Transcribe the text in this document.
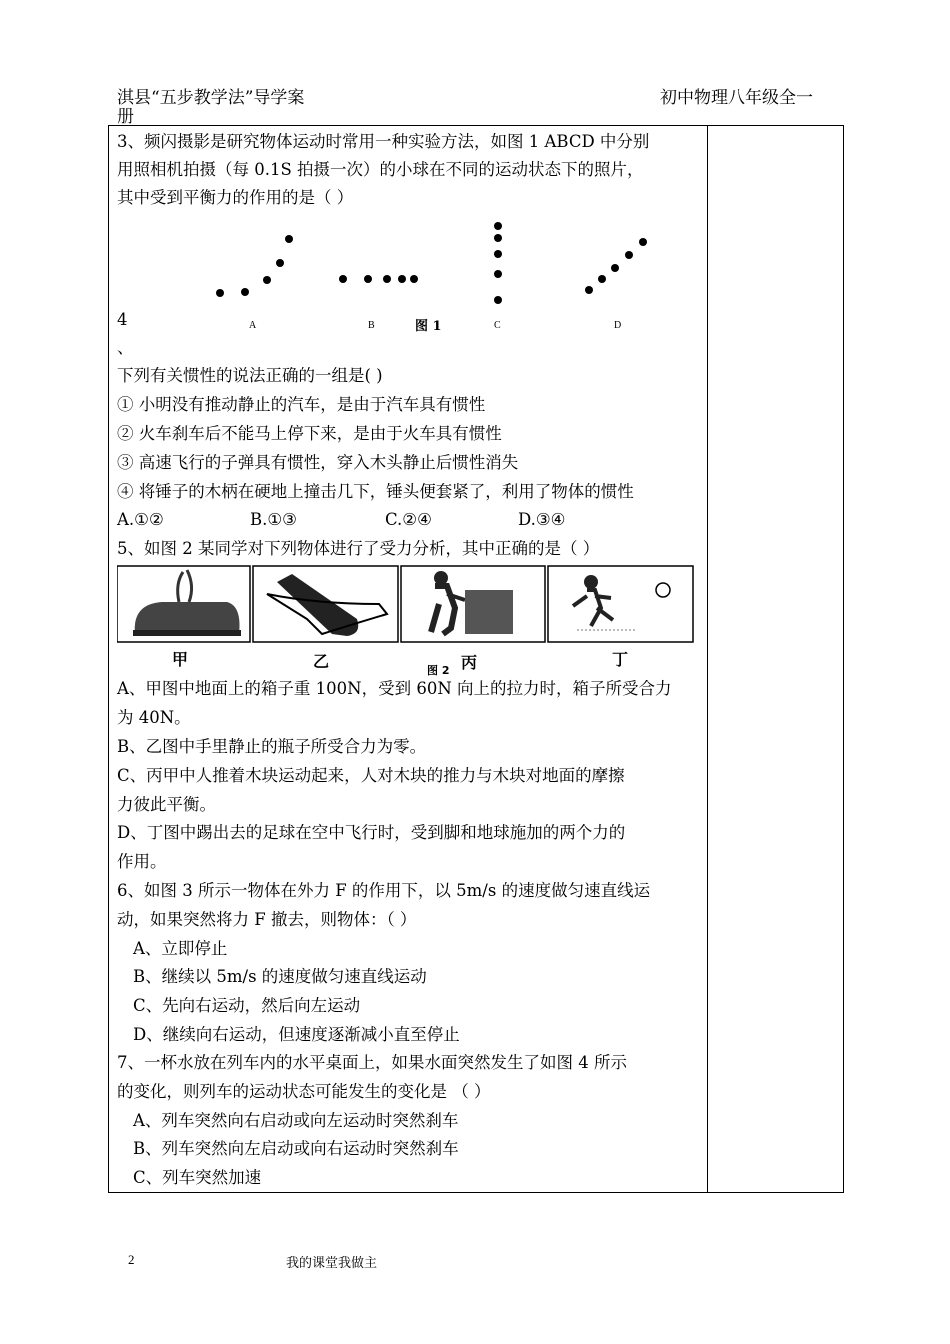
淇县“五步教学法”导学案
册
初中物理八年级全一
3、频闪摄影是研究物体运动时常用一种实验方法，如图 1 ABCD 中分别
用照相机拍摄（每 0.1S 拍摄一次）的小球在不同的运动状态下的照片，
其中受到平衡力的作用的是（ ）
A	B	图 1	C	D
4
、
下列有关惯性的说法正确的一组是( )
① 小明没有推动静止的汽车，是由于汽车具有惯性
② 火车刹车后不能马上停下来，是由于火车具有惯性
③ 高速飞行的子弹具有惯性，穿入木头静止后惯性消失
④ 将锤子的木柄在硬地上撞击几下，锤头便套紧了，利用了物体的惯性
A.①②	B.①③	C.②④	D.③④
5、如图 2 某同学对下列物体进行了受力分析，其中正确的是（ ）
甲	乙	图 2 丙	丁
A、甲图中地面上的箱子重 100N，受到 60N 向上的拉力时，箱子所受合力
为 40N。
B、乙图中手里静止的瓶子所受合力为零。
C、丙甲中人推着木块运动起来，人对木块的推力与木块对地面的摩擦
力彼此平衡。
D、丁图中踢出去的足球在空中飞行时，受到脚和地球施加的两个力的
作用。
6、如图 3 所示一物体在外力 F 的作用下，以 5m/s 的速度做匀速直线运
动，如果突然将力 F 撤去，则物体：（ ）
A、立即停止
B、继续以 5m/s 的速度做匀速直线运动
C、先向右运动，然后向左运动
D、继续向右运动，但速度逐渐减小直至停止
7、一杯水放在列车内的水平桌面上，如果水面突然发生了如图 4 所示
的变化，则列车的运动状态可能发生的变化是 （ ）
A、列车突然向右启动或向左运动时突然刹车
B、列车突然向左启动或向右运动时突然刹车
C、列车突然加速
2	我的课堂我做主
